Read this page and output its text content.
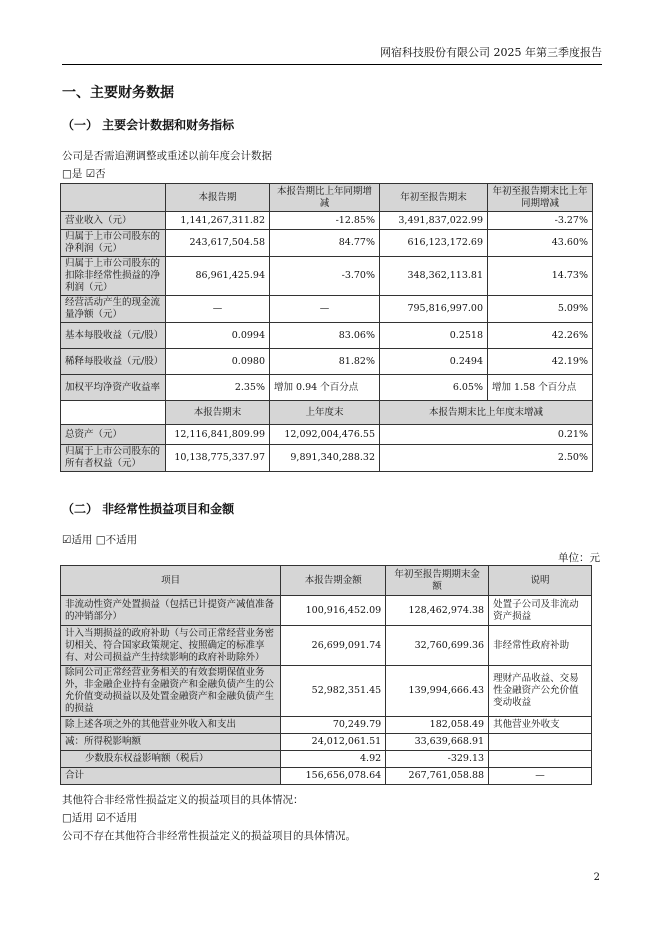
网宿科技股份有限公司 2025 年第三季度报告
一、主要财务数据
（一） 主要会计数据和财务指标
公司是否需追溯调整或重述以前年度会计数据
□是 ☑否
	本报告期	本报告期比上年同期增减	年初至报告期末	年初至报告期末比上年同期增减
营业收入（元）	1,141,267,311.82	-12.85%	3,491,837,022.99	-3.27%
归属于上市公司股东的净利润（元）	243,617,504.58	84.77%	616,123,172.69	43.60%
归属于上市公司股东的扣除非经常性损益的净利润（元）	86,961,425.94	-3.70%	348,362,113.81	14.73%
经营活动产生的现金流量净额（元）	—	—	795,816,997.00	5.09%
基本每股收益（元/股）	0.0994	83.06%	0.2518	42.26%
稀释每股收益（元/股）	0.0980	81.82%	0.2494	42.19%
加权平均净资产收益率	2.35%	增加 0.94 个百分点	6.05%	增加 1.58 个百分点
	本报告期末	上年度末	本报告期末比上年度末增减	
总资产（元）	12,116,841,809.99	12,092,004,476.55	0.21%	
归属于上市公司股东的所有者权益（元）	10,138,775,337.97	9,891,340,288.32	2.50%	
（二） 非经常性损益项目和金额
☑适用 □不适用
单位：元
项目	本报告期金额	年初至报告期期末金额	说明
非流动性资产处置损益（包括已计提资产减值准备的冲销部分）	100,916,452.09	128,462,974.38	处置子公司及非流动资产损益
计入当期损益的政府补助（与公司正常经营业务密切相关、符合国家政策规定、按照确定的标准享有、对公司损益产生持续影响的政府补助除外）	26,699,091.74	32,760,699.36	非经常性政府补助
除同公司正常经营业务相关的有效套期保值业务外，非金融企业持有金融资产和金融负债产生的公允价值变动损益以及处置金融资产和金融负债产生的损益	52,982,351.45	139,994,666.43	理财产品收益、交易性金融资产公允价值变动收益
除上述各项之外的其他营业外收入和支出	70,249.79	182,058.49	其他营业外收支
减：所得税影响额	24,012,061.51	33,639,668.91	
少数股东权益影响额（税后）	4.92	-329.13	
合计	156,656,078.64	267,761,058.88	—
其他符合非经常性损益定义的损益项目的具体情况：
□适用 ☑不适用
公司不存在其他符合非经常性损益定义的损益项目的具体情况。
2
